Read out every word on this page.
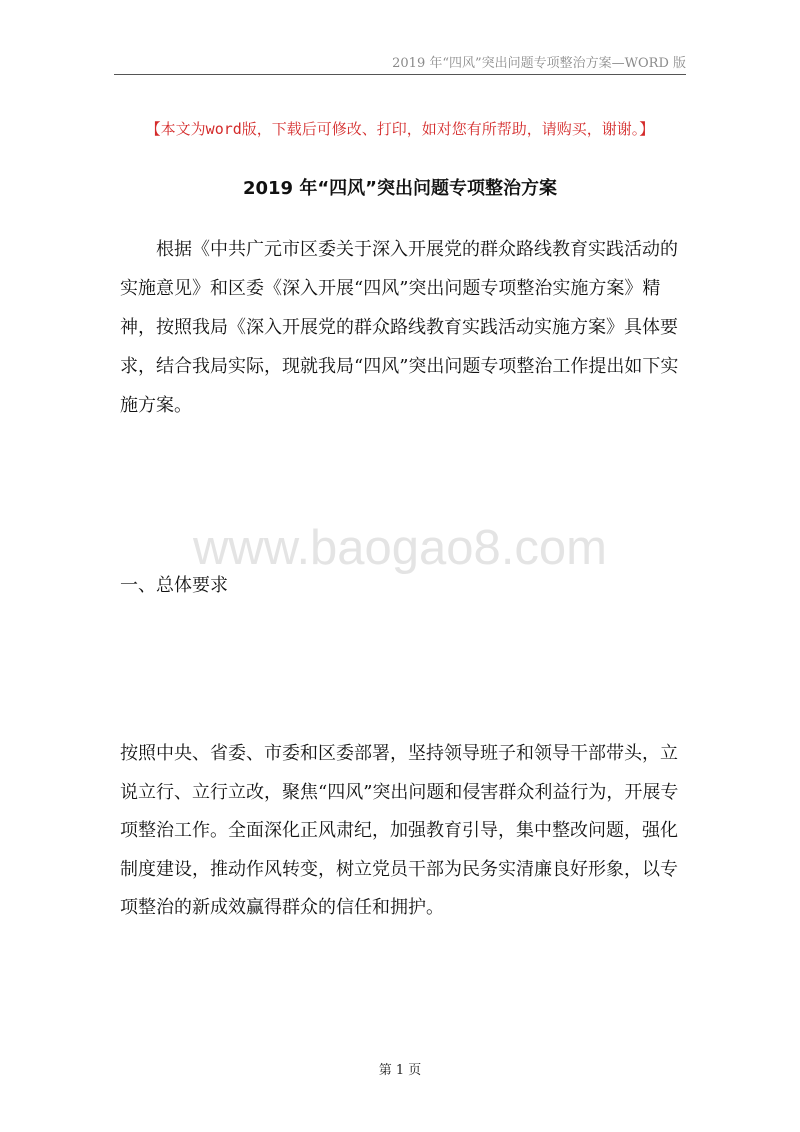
2019 年“四风”突出问题专项整治方案—WORD 版
【本文为word版，下载后可修改、打印，如对您有所帮助，请购买，谢谢。】
2019 年“四风”突出问题专项整治方案

根据《中共广元市区委关于深入开展党的群众路线教育实践活动的实施意见》和区委《深入开展“四风”突出问题专项整治实施方案》精神，按照我局《深入开展党的群众路线教育实践活动实施方案》具体要求，结合我局实际，现就我局“四风”突出问题专项整治工作提出如下实施方案。

www.baogao8.com
一、总体要求

按照中央、省委、市委和区委部署，坚持领导班子和领导干部带头，立说立行、立行立改，聚焦“四风”突出问题和侵害群众利益行为，开展专项整治工作。全面深化正风肃纪，加强教育引导，集中整改问题，强化制度建设，推动作风转变，树立党员干部为民务实清廉良好形象，以专项整治的新成效赢得群众的信任和拥护。

第 1 页
